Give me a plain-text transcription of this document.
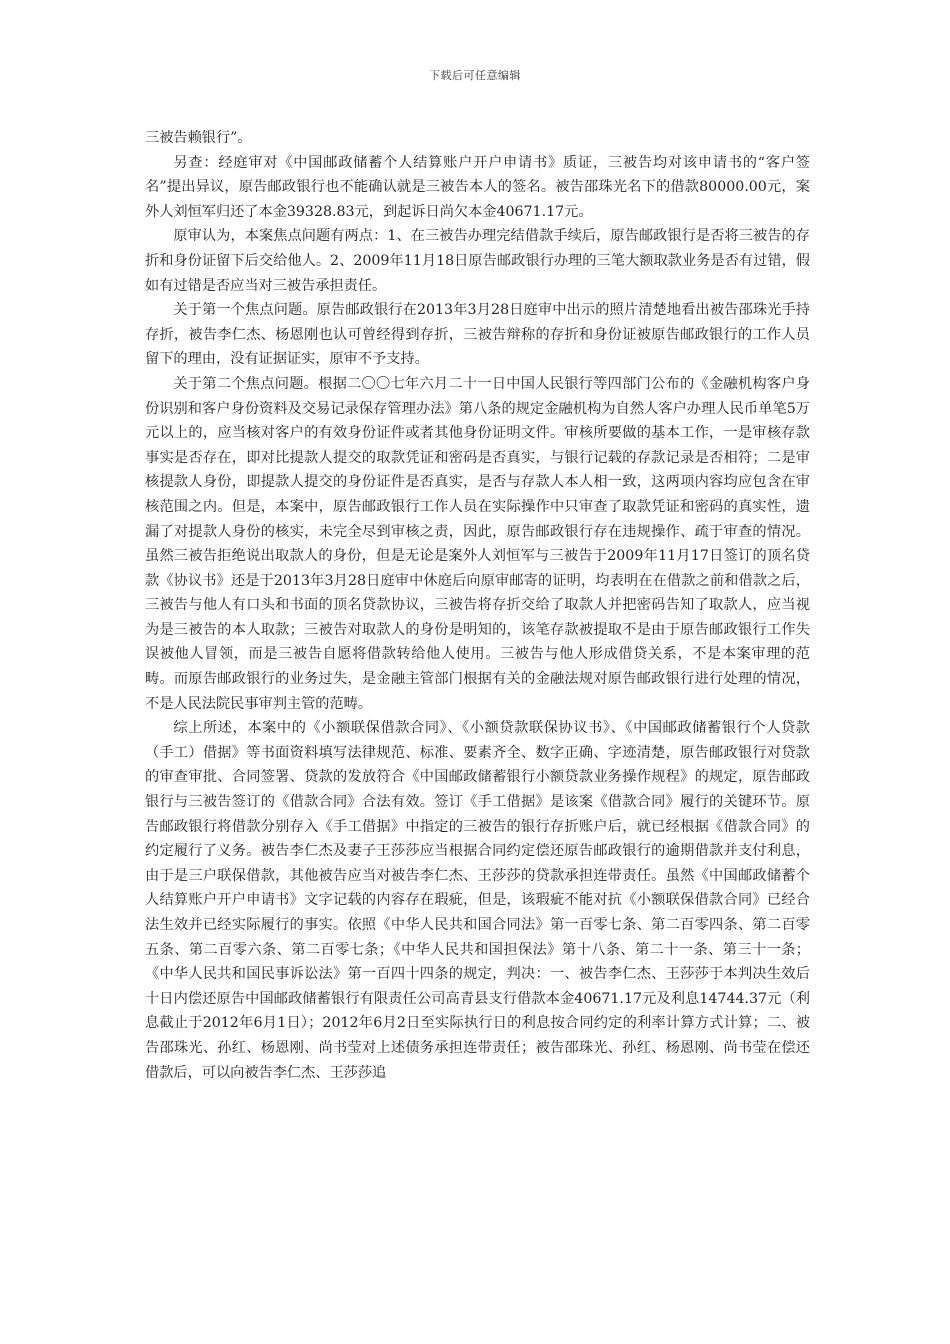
下载后可任意编辑

三被告赖银行”。

另查：经庭审对《中国邮政储蓄个人结算账户开户申请书》质证，三被告均对该申请书的“客户签名”提出异议，原告邮政银行也不能确认就是三被告本人的签名。被告邵珠光名下的借款80000.00元，案外人刘恒军归还了本金39328.83元，到起诉日尚欠本金40671.17元。

原审认为，本案焦点问题有两点：1、在三被告办理完结借款手续后，原告邮政银行是否将三被告的存折和身份证留下后交给他人。2、2009年11月18日原告邮政银行办理的三笔大额取款业务是否有过错，假如有过错是否应当对三被告承担责任。

关于第一个焦点问题。原告邮政银行在2013年3月28日庭审中出示的照片清楚地看出被告邵珠光手持存折，被告李仁杰、杨恩刚也认可曾经得到存折，三被告辩称的存折和身份证被原告邮政银行的工作人员留下的理由，没有证据证实，原审不予支持。

关于第二个焦点问题。根据二〇〇七年六月二十一日中国人民银行等四部门公布的《金融机构客户身份识别和客户身份资料及交易记录保存管理办法》第八条的规定金融机构为自然人客户办理人民币单笔5万元以上的，应当核对客户的有效身份证件或者其他身份证明文件。审核所要做的基本工作，一是审核存款事实是否存在，即对比提款人提交的取款凭证和密码是否真实，与银行记载的存款记录是否相符；二是审核提款人身份，即提款人提交的身份证件是否真实，是否与存款人本人相一致，这两项内容均应包含在审核范围之内。但是，本案中，原告邮政银行工作人员在实际操作中只审查了取款凭证和密码的真实性，遗漏了对提款人身份的核实，未完全尽到审核之责，因此，原告邮政银行存在违规操作、疏于审查的情况。虽然三被告拒绝说出取款人的身份，但是无论是案外人刘恒军与三被告于2009年11月17日签订的顶名贷款《协议书》还是于2013年3月28日庭审中休庭后向原审邮寄的证明，均表明在在借款之前和借款之后，三被告与他人有口头和书面的顶名贷款协议，三被告将存折交给了取款人并把密码告知了取款人，应当视为是三被告的本人取款；三被告对取款人的身份是明知的，该笔存款被提取不是由于原告邮政银行工作失误被他人冒领，而是三被告自愿将借款转给他人使用。三被告与他人形成借贷关系，不是本案审理的范畴。而原告邮政银行的业务过失，是金融主管部门根据有关的金融法规对原告邮政银行进行处理的情况，不是人民法院民事审判主管的范畴。

综上所述，本案中的《小额联保借款合同》、《小额贷款联保协议书》、《中国邮政储蓄银行个人贷款（手工）借据》等书面资料填写法律规范、标准、要素齐全、数字正确、字迹清楚，原告邮政银行对贷款的审查审批、合同签署、贷款的发放符合《中国邮政储蓄银行小额贷款业务操作规程》的规定，原告邮政银行与三被告签订的《借款合同》合法有效。签订《手工借据》是该案《借款合同》履行的关键环节。原告邮政银行将借款分别存入《手工借据》中指定的三被告的银行存折账户后，就已经根据《借款合同》的约定履行了义务。被告李仁杰及妻子王莎莎应当根据合同约定偿还原告邮政银行的逾期借款并支付利息，由于是三户联保借款，其他被告应当对被告李仁杰、王莎莎的贷款承担连带责任。虽然《中国邮政储蓄个人结算账户开户申请书》文字记载的内容存在瑕疵，但是，该瑕疵不能对抗《小额联保借款合同》已经合法生效并已经实际履行的事实。依照《中华人民共和国合同法》第一百零七条、第二百零四条、第二百零五条、第二百零六条、第二百零七条；《中华人民共和国担保法》第十八条、第二十一条、第三十一条；《中华人民共和国民事诉讼法》第一百四十四条的规定，判决：一、被告李仁杰、王莎莎于本判决生效后十日内偿还原告中国邮政储蓄银行有限责任公司高青县支行借款本金40671.17元及利息14744.37元（利息截止于2012年6月1日）；2012年6月2日至实际执行日的利息按合同约定的利率计算方式计算；二、被告邵珠光、孙红、杨恩刚、尚书莹对上述债务承担连带责任；被告邵珠光、孙红、杨恩刚、尚书莹在偿还借款后，可以向被告李仁杰、王莎莎追
